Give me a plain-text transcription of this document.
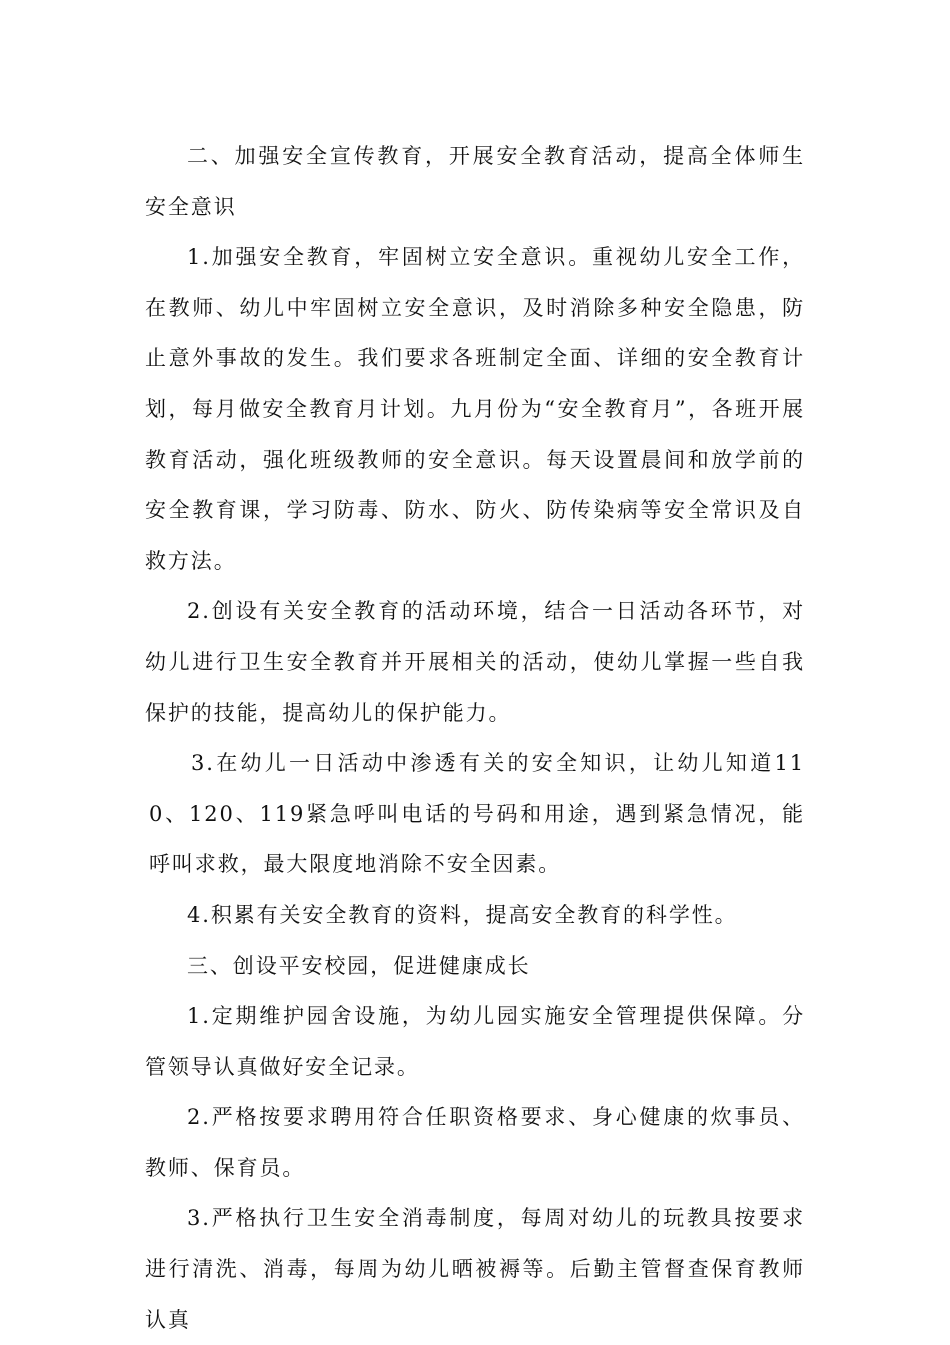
二、加强安全宣传教育，开展安全教育活动，提高全体师生安全意识

1.加强安全教育，牢固树立安全意识。重视幼儿安全工作，在教师、幼儿中牢固树立安全意识，及时消除多种安全隐患，防止意外事故的发生。我们要求各班制定全面、详细的安全教育计划，每月做安全教育月计划。九月份为“安全教育月”，各班开展教育活动，强化班级教师的安全意识。每天设置晨间和放学前的安全教育课，学习防毒、防水、防火、防传染病等安全常识及自救方法。

2.创设有关安全教育的活动环境，结合一日活动各环节，对幼儿进行卫生安全教育并开展相关的活动，使幼儿掌握一些自我保护的技能，提高幼儿的保护能力。

3.在幼儿一日活动中渗透有关的安全知识，让幼儿知道110、120、119紧急呼叫电话的号码和用途，遇到紧急情况，能呼叫求救，最大限度地消除不安全因素。

4.积累有关安全教育的资料，提高安全教育的科学性。

三、创设平安校园，促进健康成长

1.定期维护园舍设施，为幼儿园实施安全管理提供保障。分管领导认真做好安全记录。

2.严格按要求聘用符合任职资格要求、身心健康的炊事员、教师、保育员。

3.严格执行卫生安全消毒制度，每周对幼儿的玩教具按要求进行清洗、消毒，每周为幼儿晒被褥等。后勤主管督查保育教师认真
